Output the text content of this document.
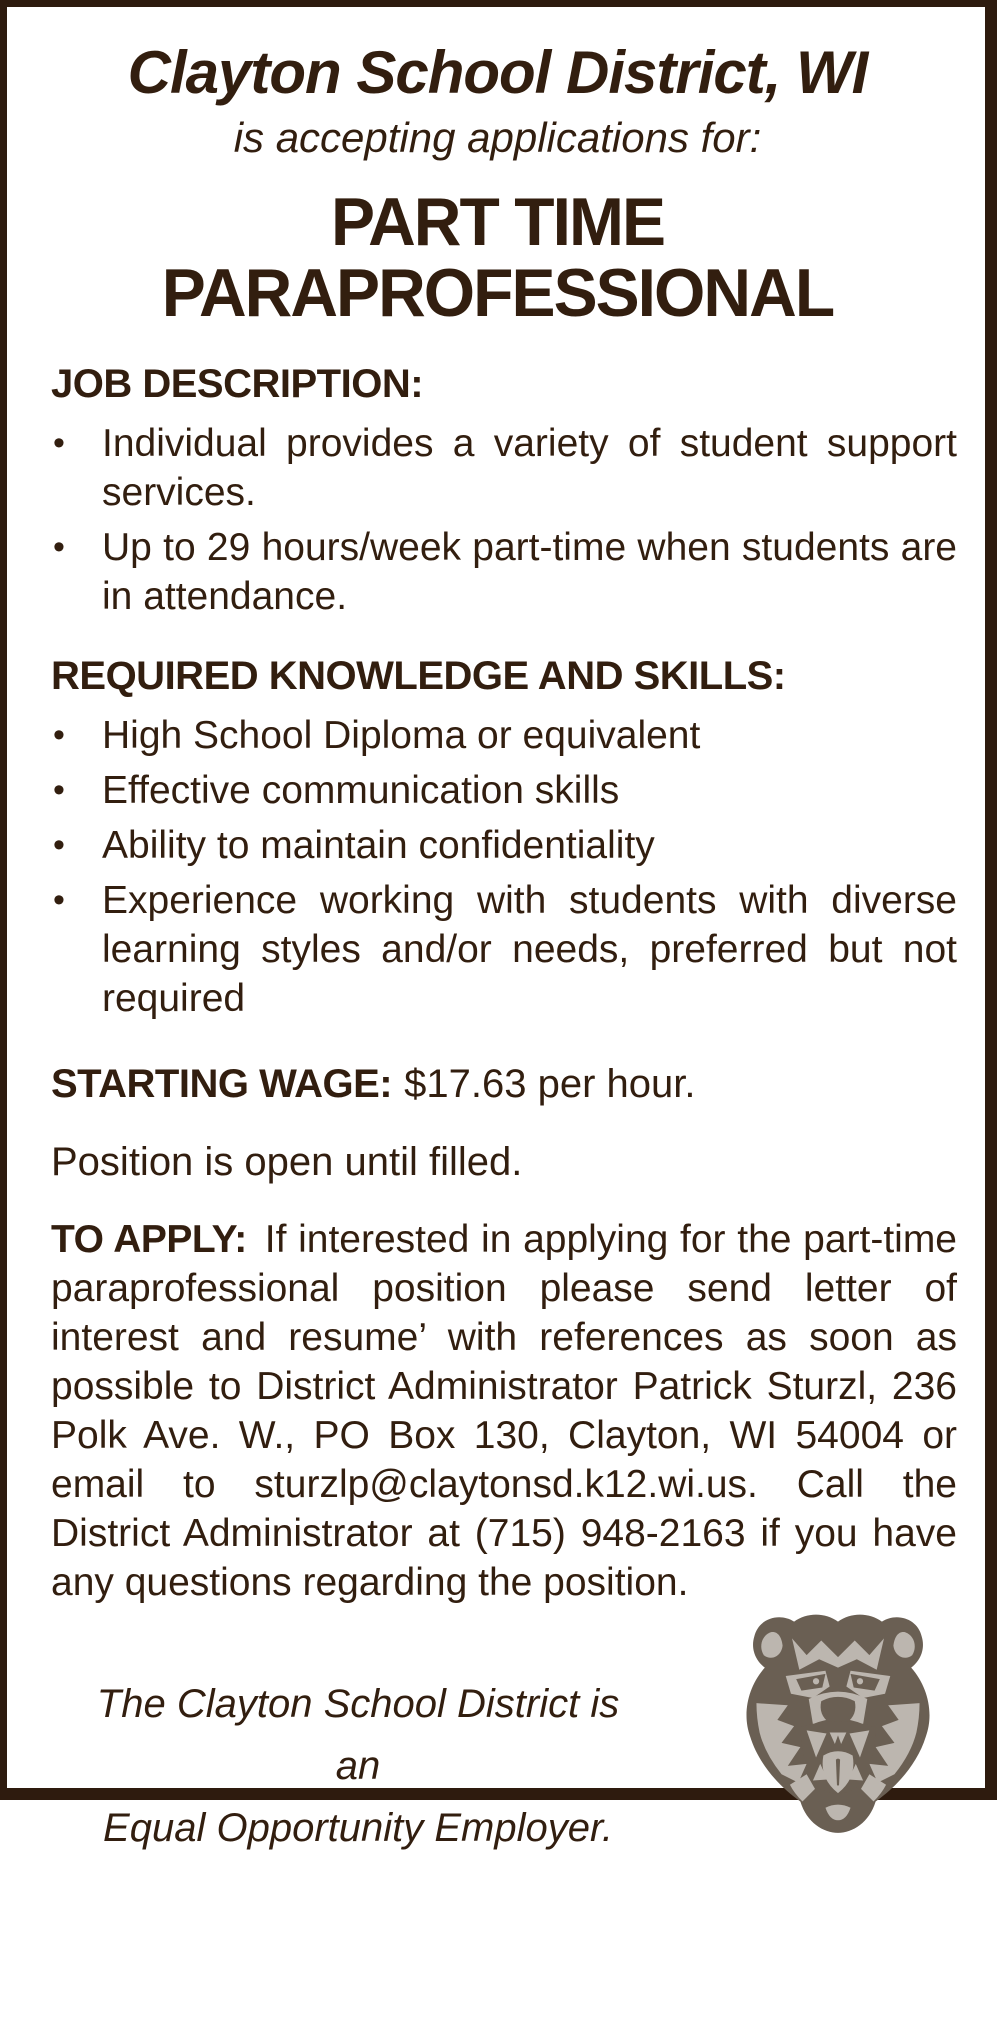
Clayton School District, WI
is accepting applications for:
PART TIME
PARAPROFESSIONAL
JOB DESCRIPTION:
• Individual provides a variety of student support services.
• Up to 29 hours/week part-time when students are in attendance.
REQUIRED KNOWLEDGE AND SKILLS:
• High School Diploma or equivalent
• Effective communication skills
• Ability to maintain confidentiality
• Experience working with students with diverse learning styles and/or needs, preferred but not required
STARTING WAGE: $17.63 per hour.
Position is open until filled.
TO APPLY: If interested in applying for the part-time paraprofessional position please send letter of interest and resume’ with references as soon as possible to District Administrator Patrick Sturzl, 236 Polk Ave. W., PO Box 130, Clayton, WI 54004 or email to sturzlp@claytonsd.k12.wi.us. Call the District Administrator at (715) 948-2163 if you have any questions regarding the position.
The Clayton School District is an
Equal Opportunity Employer.
